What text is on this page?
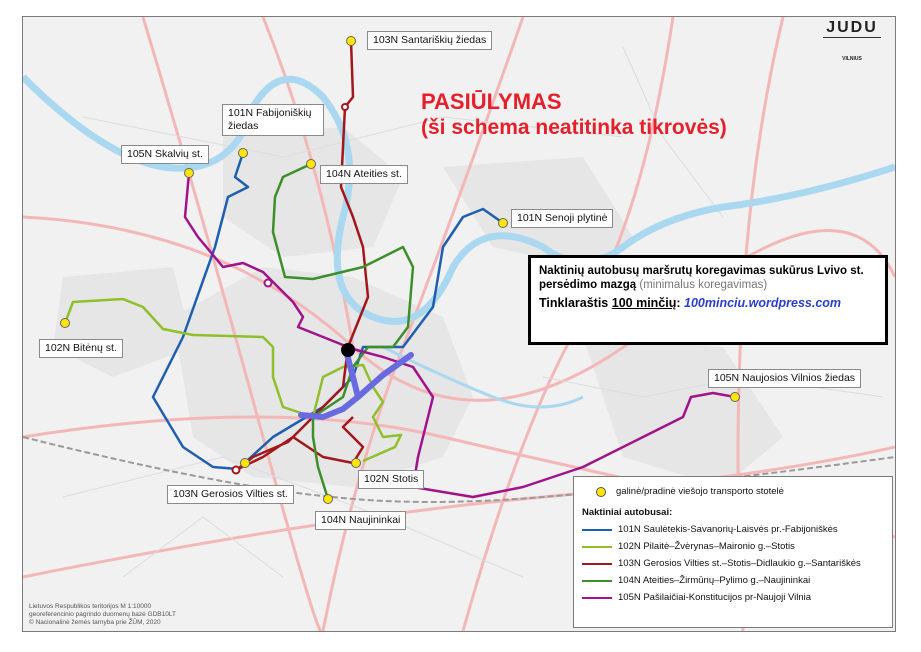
103N Santariškių žiedas
101N Fabijoniškių žiedas
105N Skalvių st.
104N Ateities st.
101N Senoji plytinė
102N Bitėnų st.
105N Naujosios Vilnios žiedas
103N Gerosios Vilties st.
102N Stotis
104N Naujininkai
PASIŪLYMAS
(ši schema neatitinka tikrovės)
Naktinių autobusų maršrutų koregavimas sukūrus Lvivo st. persėdimo mazgą (minimalus koregavimas)
Tinklaraštis 100 minčių: 100minciu.wordpress.com
galinė/pradinė viešojo transporto stotelė
Naktiniai autobusai:
101N Saulėtekis-Savanorių-Laisvės pr.-Fabijoniškės
102N Pilaitė–Žvėrynas–Maironio g.–Stotis
103N Gerosios Vilties st.–Stotis–Didlaukio g.–Santariškės
104N Ateities–Žirmūnų–Pylimo g.–Naujininkai
105N Pašilaičiai-Konstitucijos pr-Naujoji Vilnia
JUDU
VILNIUS
Lietuvos Respublikos teritorijos M 1:10000
georeferencinio pagrindo duomenų bazė GDB10LT
© Nacionalinė žemės tarnyba prie ŽŪM, 2020
